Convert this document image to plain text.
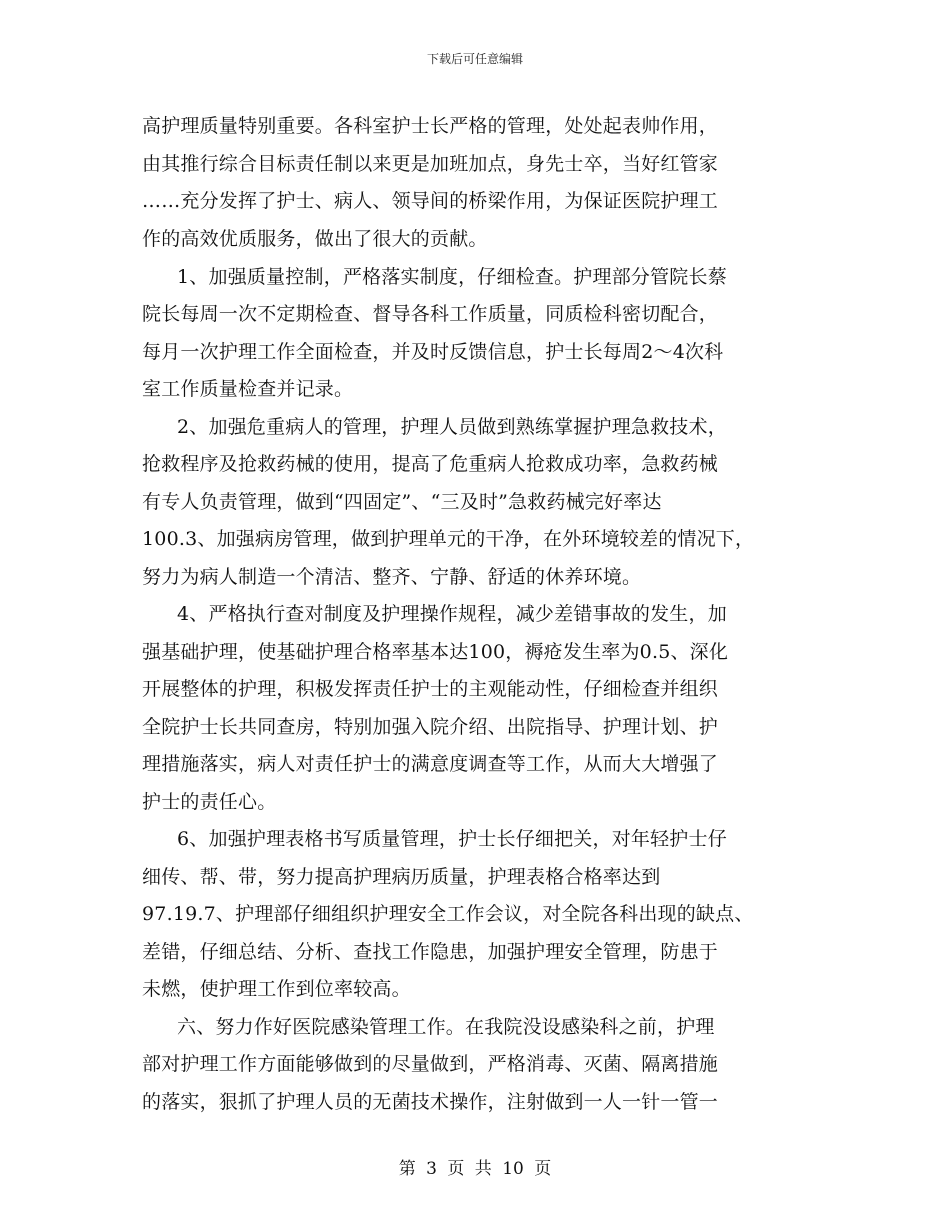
下载后可任意编辑
高护理质量特别重要。各科室护士长严格的管理，处处起表帅作用，
由其推行综合目标责任制以来更是加班加点，身先士卒，当好红管家
……充分发挥了护士、病人、领导间的桥梁作用，为保证医院护理工
作的高效优质服务，做出了很大的贡献。
1、加强质量控制，严格落实制度，仔细检查。护理部分管院长蔡
院长每周一次不定期检查、督导各科工作质量，同质检科密切配合，
每月一次护理工作全面检查，并及时反馈信息，护士长每周2～4次科
室工作质量检查并记录。
2、加强危重病人的管理，护理人员做到熟练掌握护理急救技术，
抢救程序及抢救药械的使用，提高了危重病人抢救成功率，急救药械
有专人负责管理，做到“四固定”、“三及时”急救药械完好率达
100.3、加强病房管理，做到护理单元的干净，在外环境较差的情况下，
努力为病人制造一个清洁、整齐、宁静、舒适的休养环境。
4、严格执行查对制度及护理操作规程，减少差错事故的发生，加
强基础护理，使基础护理合格率基本达100，褥疮发生率为0.5、深化
开展整体的护理，积极发挥责任护士的主观能动性，仔细检查并组织
全院护士长共同查房，特别加强入院介绍、出院指导、护理计划、护
理措施落实，病人对责任护士的满意度调查等工作，从而大大增强了
护士的责任心。
6、加强护理表格书写质量管理，护士长仔细把关，对年轻护士仔
细传、帮、带，努力提高护理病历质量，护理表格合格率达到
97.19.7、护理部仔细组织护理安全工作会议，对全院各科出现的缺点、
差错，仔细总结、分析、查找工作隐患，加强护理安全管理，防患于
未燃，使护理工作到位率较高。
六、努力作好医院感染管理工作。在我院没设感染科之前，护理
部对护理工作方面能够做到的尽量做到，严格消毒、灭菌、隔离措施
的落实，狠抓了护理人员的无菌技术操作，注射做到一人一针一管一
第 3 页 共 10 页
